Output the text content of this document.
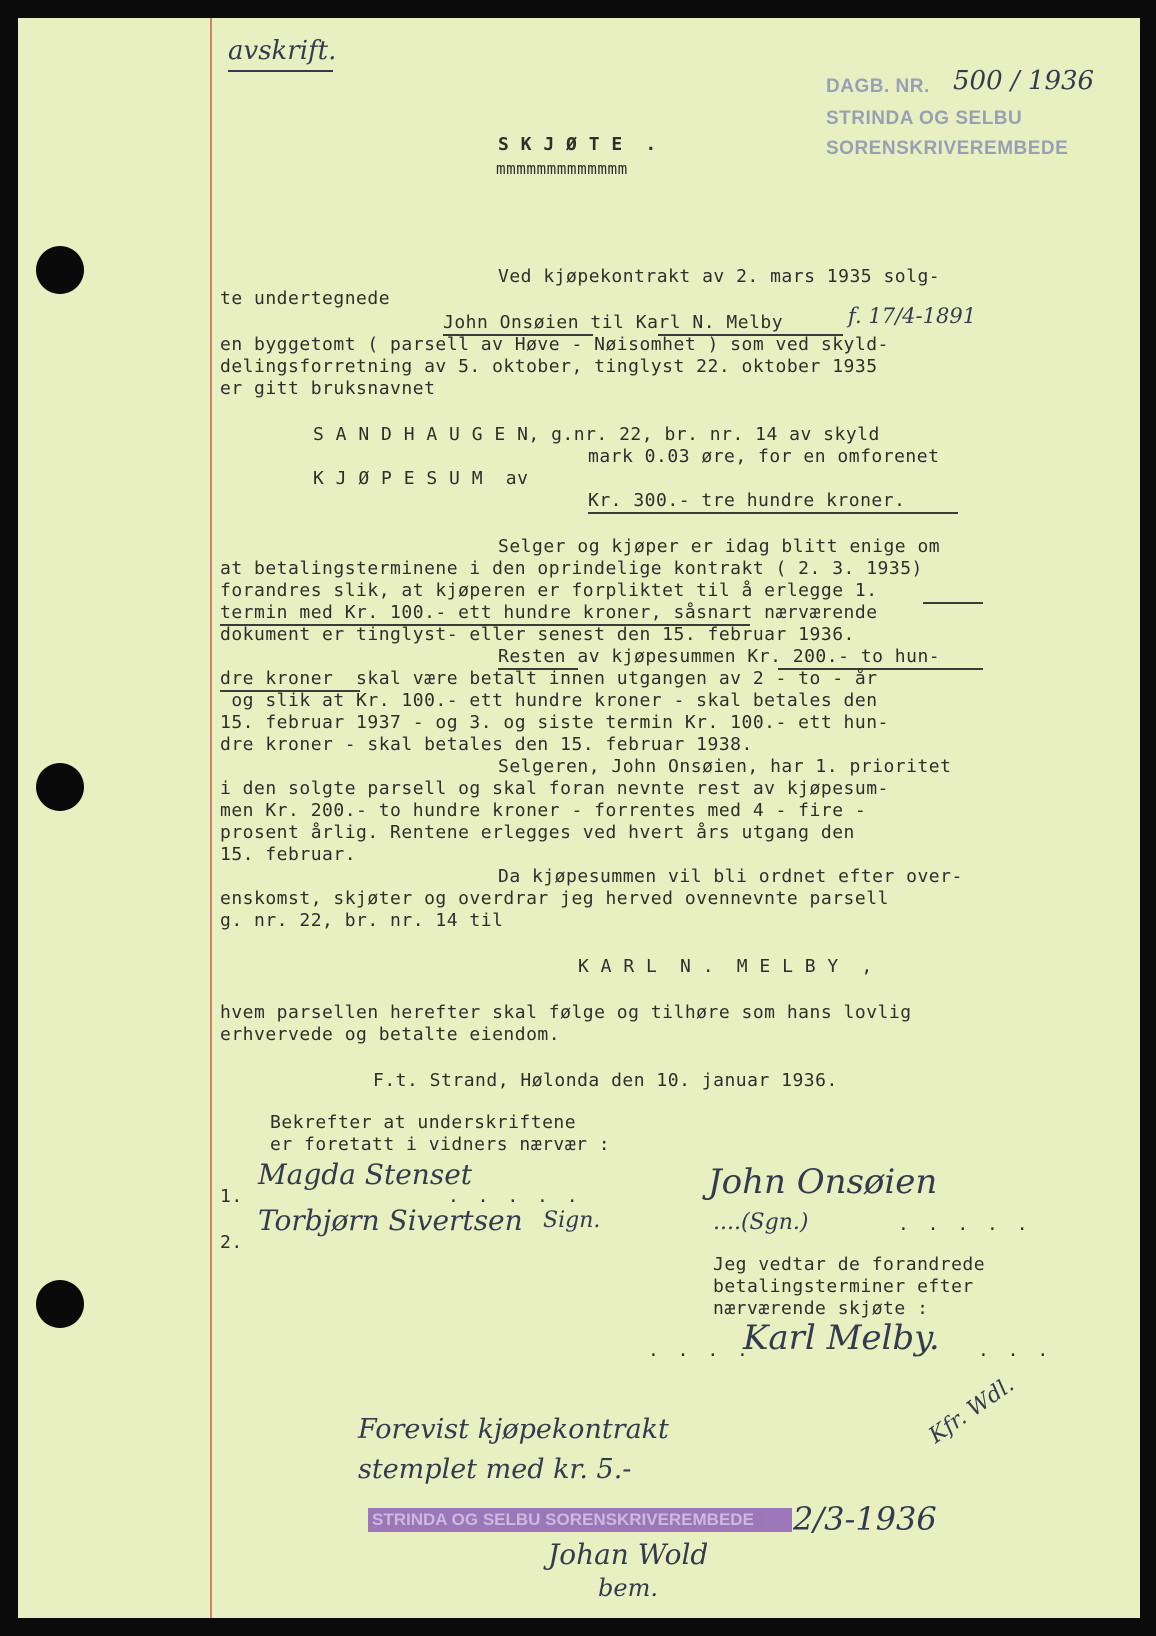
avskrift.
DAGB. NR. 500 / 1936
STRINDA OG SELBU
SORENSKRIVEREMBEDE
S K J Ø T E  .
mmmmmmmmmmmmm
Ved kjøpekontrakt av 2. mars 1935 solg-
te undertegnede
John Onsøien til Karl N. Melby	f. 17/4-1891
en byggetomt ( parsell av Høve - Nøisomhet ) som ved skyld-
delingsforretning av 5. oktober, tinglyst 22. oktober 1935
er gitt bruksnavnet
S A N D H A U G E N, g.nr. 22, br. nr. 14 av skyld
mark 0.03 øre, for en omforenet
K J Ø P E S U M  av
Kr. 300.- tre hundre kroner.
Selger og kjøper er idag blitt enige om
at betalingsterminene i den oprindelige kontrakt ( 2. 3. 1935)
forandres slik, at kjøperen er forpliktet til å erlegge 1.
termin med Kr. 100.- ett hundre kroner, såsnart nærværende
dokument er tinglyst- eller senest den 15. februar 1936.
Resten av kjøpesummen Kr. 200.- to hun-
dre kroner  skal være betalt innen utgangen av 2 - to - år
og slik at Kr. 100.- ett hundre kroner - skal betales den
15. februar 1937 - og 3. og siste termin Kr. 100.- ett hun-
dre kroner - skal betales den 15. februar 1938.
Selgeren, John Onsøien, har 1. prioritet
i den solgte parsell og skal foran nevnte rest av kjøpesum-
men Kr. 200.- to hundre kroner - forrentes med 4 - fire -
prosent årlig. Rentene erlegges ved hvert års utgang den
15. februar.
Da kjøpesummen vil bli ordnet efter over-
enskomst, skjøter og overdrar jeg herved ovennevnte parsell
g. nr. 22, br. nr. 14 til
K A R L  N .  M E L B Y  ,
hvem parsellen herefter skal følge og tilhøre som hans lovlig
erhvervede og betalte eiendom.
F.t. Strand, Hølonda den 10. januar 1936.
Bekrefter at underskriftene
er foretatt i vidners nærvær :
1.
Magda Stenset
. . . . .
2.
Torbjørn Sivertsen Sign.
John Onsøien
....(Sgn.)	. . . . .
Jeg vedtar de forandrede
betalingsterminer efter
nærværende skjøte :
. . . .
Karl Melby. . . .
Forevist kjøpekontrakt
stemplet med kr. 5.-
Kfr. Wdl.
STRINDA OG SELBU SORENSKRIVEREMBEDE	2/3-1936
Johan Wold
bem.
